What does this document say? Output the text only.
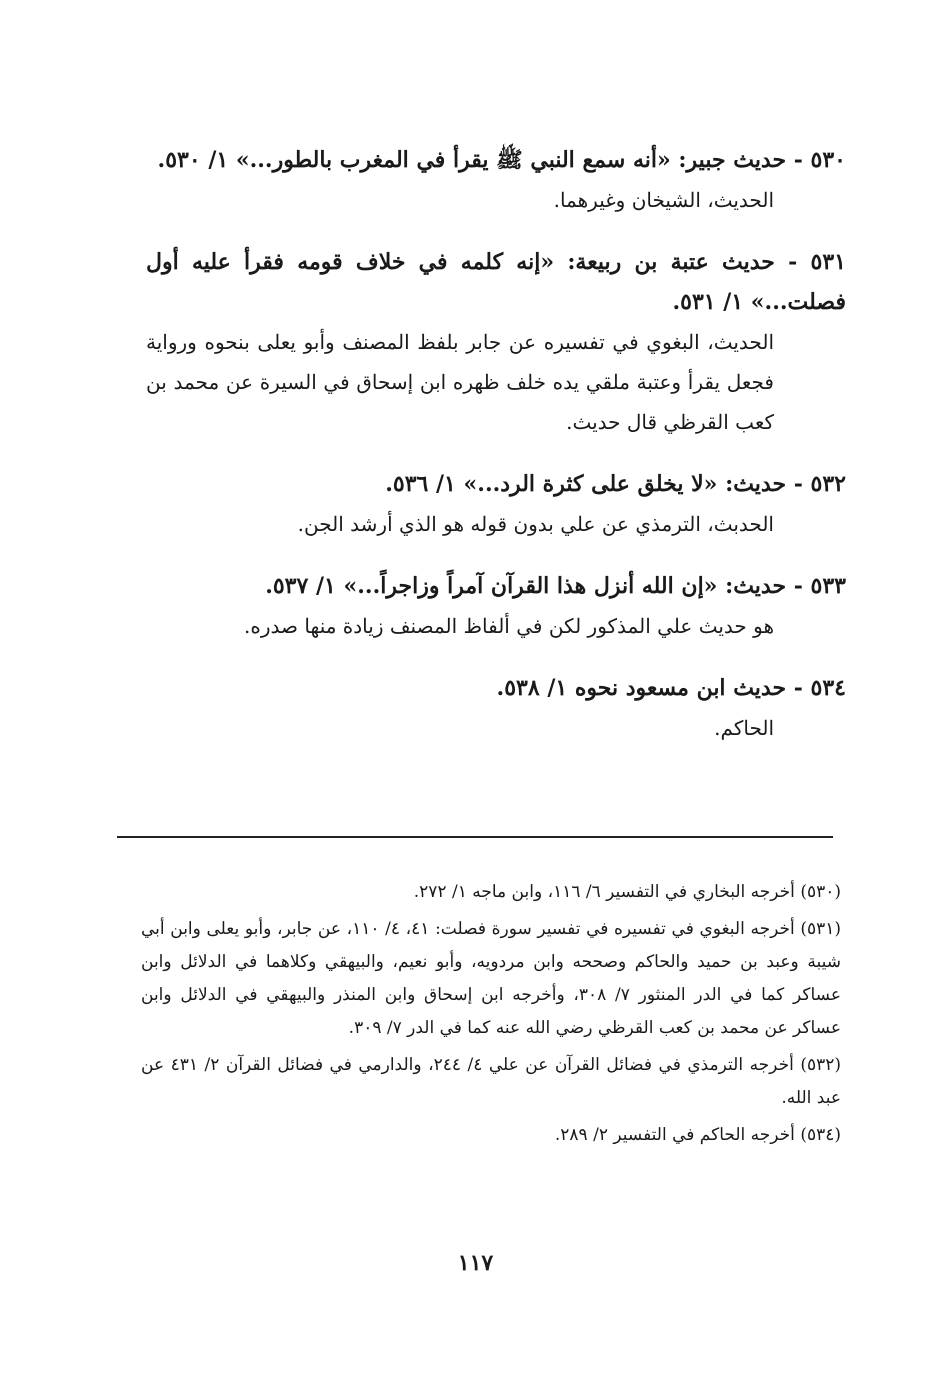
٥٣٠ - حديث جبير: «أنه سمع النبي ﷺ يقرأ في المغرب بالطور...» ١/ ٥٣٠.
الحديث، الشيخان وغيرهما.
٥٣١ - حديث عتبة بن ربيعة: «إنه كلمه في خلاف قومه فقرأ عليه أول فصلت...» ١/ ٥٣١.
الحديث، البغوي في تفسيره عن جابر بلفظ المصنف وأبو يعلى بنحوه ورواية فجعل يقرأ وعتبة ملقي يده خلف ظهره ابن إسحاق في السيرة عن محمد بن كعب القرظي قال حديث.
٥٣٢ - حديث: «لا يخلق على كثرة الرد...» ١/ ٥٣٦.
الحدبث، الترمذي عن علي بدون قوله هو الذي أرشد الجن.
٥٣٣ - حديث: «إن الله أنزل هذا القرآن آمراً وزاجراً...» ١/ ٥٣٧.
هو حديث علي المذكور لكن في ألفاظ المصنف زيادة منها صدره.
٥٣٤ - حديث ابن مسعود نحوه ١/ ٥٣٨.
الحاكم.
(٥٣٠) أخرجه البخاري في التفسير ٦/ ١١٦، وابن ماجه ١/ ٢٧٢.
(٥٣١) أخرجه البغوي في تفسيره في تفسير سورة فصلت: ٤١، ٤/ ١١٠، عن جابر، وأبو يعلى وابن أبي شيبة وعبد بن حميد والحاكم وصححه وابن مردويه، وأبو نعيم، والبيهقي وكلاهما في الدلائل وابن عساكر كما في الدر المنثور ٧/ ٣٠٨، وأخرجه ابن إسحاق وابن المنذر والبيهقي في الدلائل وابن عساكر عن محمد بن كعب القرظي رضي الله عنه كما في الدر ٧/ ٣٠٩.
(٥٣٢) أخرجه الترمذي في فضائل القرآن عن علي ٤/ ٢٤٤، والدارمي في فضائل القرآن ٢/ ٤٣١ عن عبد الله.
(٥٣٤) أخرجه الحاكم في التفسير ٢/ ٢٨٩.
١١٧
